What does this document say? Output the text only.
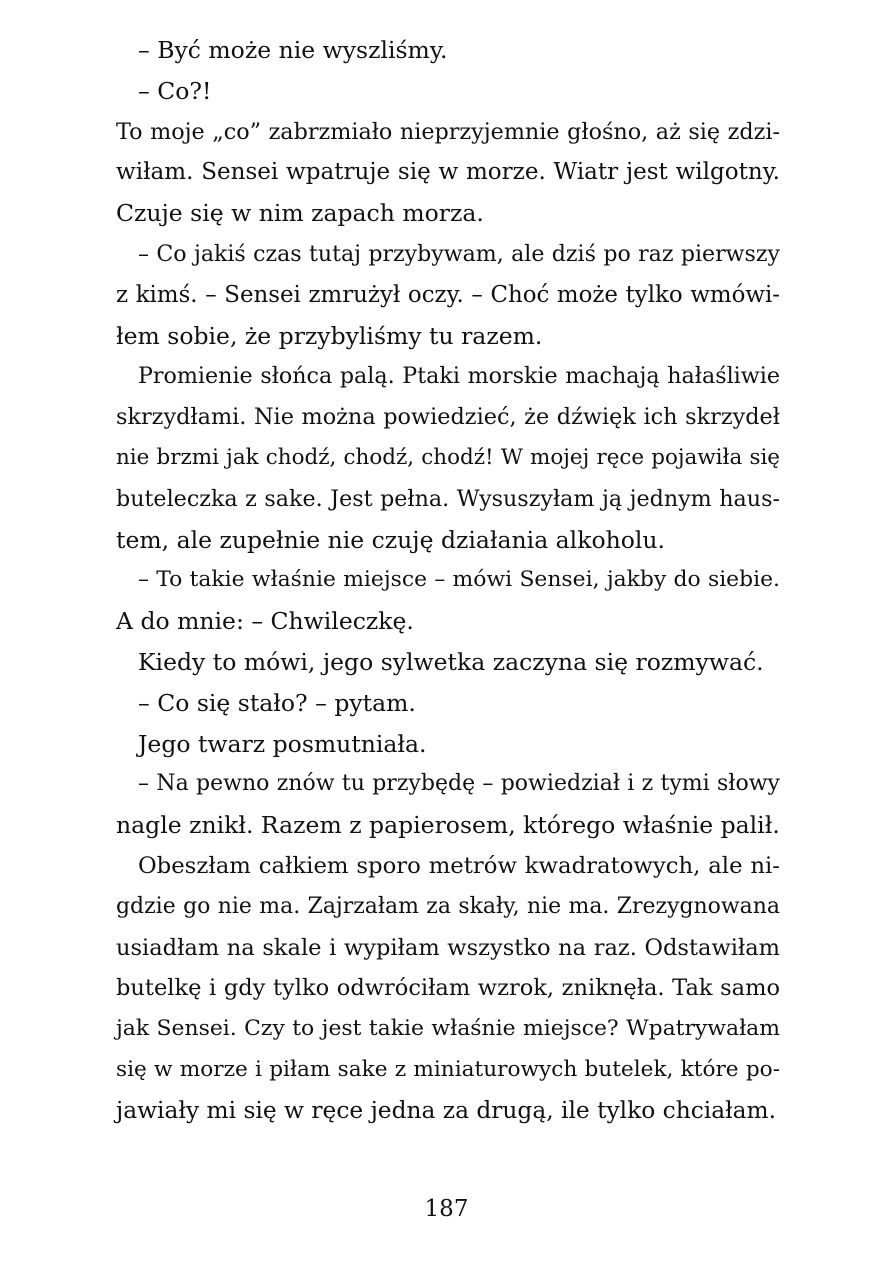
– Być może nie wyszliśmy.
– Co?!
To moje „co” zabrzmiało nieprzyjemnie głośno, aż się zdzi-
wiłam. Sensei wpatruje się w morze. Wiatr jest wilgotny.
Czuje się w nim zapach morza.
– Co jakiś czas tutaj przybywam, ale dziś po raz pierwszy
z kimś. – Sensei zmrużył oczy. – Choć może tylko wmówi-
łem sobie, że przybyliśmy tu razem.
Promienie słońca palą. Ptaki morskie machają hałaśliwie
skrzydłami. Nie można powiedzieć, że dźwięk ich skrzydeł
nie brzmi jak chodź, chodź, chodź! W mojej ręce pojawiła się
buteleczka z sake. Jest pełna. Wysuszyłam ją jednym haus-
tem, ale zupełnie nie czuję działania alkoholu.
– To takie właśnie miejsce – mówi Sensei, jakby do siebie.
A do mnie: – Chwileczkę.
Kiedy to mówi, jego sylwetka zaczyna się rozmywać.
– Co się stało? – pytam.
Jego twarz posmutniała.
– Na pewno znów tu przybędę – powiedział i z tymi słowy
nagle znikł. Razem z papierosem, którego właśnie palił.
Obeszłam całkiem sporo metrów kwadratowych, ale ni-
gdzie go nie ma. Zajrzałam za skały, nie ma. Zrezygnowana
usiadłam na skale i wypiłam wszystko na raz. Odstawiłam
butelkę i gdy tylko odwróciłam wzrok, zniknęła. Tak samo
jak Sensei. Czy to jest takie właśnie miejsce? Wpatrywałam
się w morze i piłam sake z miniaturowych butelek, które po-
jawiały mi się w ręce jedna za drugą, ile tylko chciałam.
187
